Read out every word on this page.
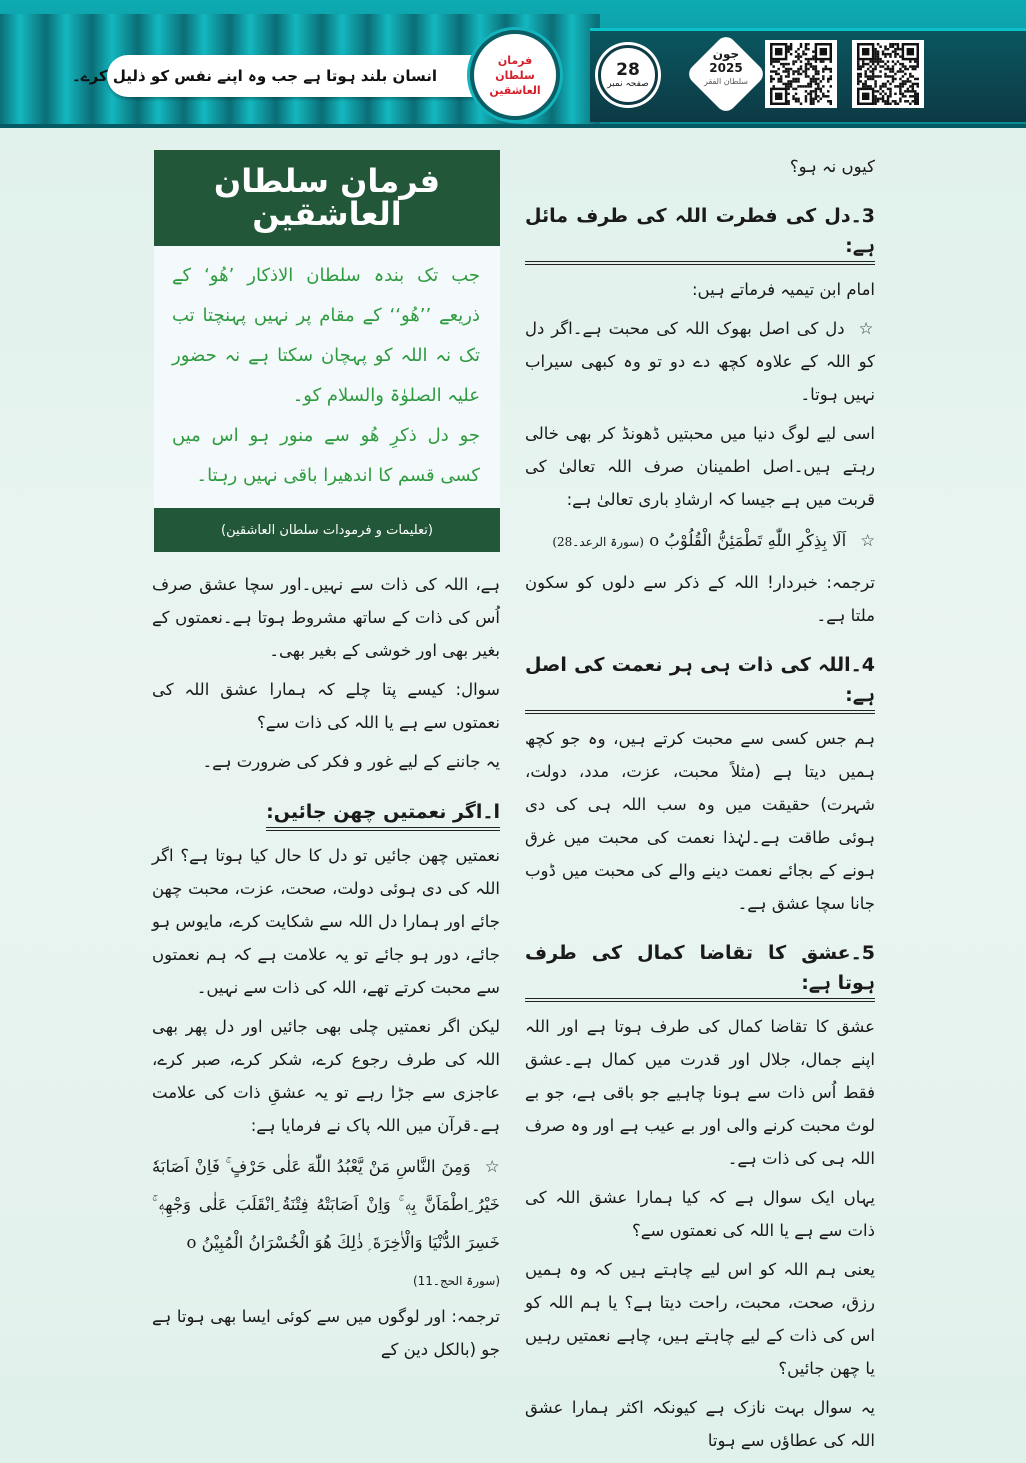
انسان بلند ہوتا ہے جب وہ اپنے نفس کو ذلیل کرے۔
فرمان
سلطان العاشقین
28
صفحہ نمبر
جون
2025
سلطان الفقر
کیوں نہ ہو؟
3۔دل کی فطرت اللہ کی طرف مائل ہے:
امام ابن تیمیہ فرماتے ہیں:
☆دل کی اصل بھوک اللہ کی محبت ہے۔اگر دل کو اللہ کے علاوہ کچھ دے دو تو وہ کبھی سیراب نہیں ہوتا۔
اسی لیے لوگ دنیا میں محبتیں ڈھونڈ کر بھی خالی رہتے ہیں۔اصل اطمینان صرف اللہ تعالیٰ کی قربت میں ہے جیسا کہ ارشادِ باری تعالیٰ ہے:
☆اَلَا بِذِكْرِ اللّٰهِ تَطْمَئِنُّ الْقُلُوْبُ o (سورۃ الرعد۔28)
ترجمہ: خبردار! اللہ کے ذکر سے دلوں کو سکون ملتا ہے۔
4۔اللہ کی ذات ہی ہر نعمت کی اصل ہے:
ہم جس کسی سے محبت کرتے ہیں، وہ جو کچھ ہمیں دیتا ہے (مثلاً محبت، عزت، مدد، دولت، شہرت) حقیقت میں وہ سب اللہ ہی کی دی ہوئی طاقت ہے۔لہٰذا نعمت کی محبت میں غرق ہونے کے بجائے نعمت دینے والے کی محبت میں ڈوب جانا سچا عشق ہے۔
5۔عشق کا تقاضا کمال کی طرف ہوتا ہے:
عشق کا تقاضا کمال کی طرف ہوتا ہے اور اللہ اپنے جمال، جلال اور قدرت میں کمال ہے۔عشق فقط اُس ذات سے ہونا چاہیے جو باقی ہے، جو بے لوث محبت کرنے والی اور بے عیب ہے اور وہ صرف اللہ ہی کی ذات ہے۔
یہاں ایک سوال ہے کہ کیا ہمارا عشق اللہ کی ذات سے ہے یا اللہ کی نعمتوں سے؟
یعنی ہم اللہ کو اس لیے چاہتے ہیں کہ وہ ہمیں رزق، صحت، محبت، راحت دیتا ہے؟ یا ہم اللہ کو اس کی ذات کے لیے چاہتے ہیں، چاہے نعمتیں رہیں یا چھن جائیں؟
یہ سوال بہت نازک ہے کیونکہ اکثر ہمارا عشق اللہ کی عطاؤں سے ہوتا
فرمان سلطان العاشقین
جب تک بندہ سلطان الاذکار ’ھُو‘ کے ذریعے ’’ھُو‘‘ کے مقام پر نہیں پہنچتا تب تک نہ اللہ کو پہچان سکتا ہے نہ حضور علیہ الصلوٰۃ والسلام کو۔
جو دل ذکرِ ھُو سے منور ہو اس میں کسی قسم کا اندھیرا باقی نہیں رہتا۔
(تعلیمات و فرمودات سلطان العاشقین)
ہے، اللہ کی ذات سے نہیں۔اور سچا عشق صرف اُس کی ذات کے ساتھ مشروط ہوتا ہے۔نعمتوں کے بغیر بھی اور خوشی کے بغیر بھی۔
سوال: کیسے پتا چلے کہ ہمارا عشق اللہ کی نعمتوں سے ہے یا اللہ کی ذات سے؟
یہ جاننے کے لیے غور و فکر کی ضرورت ہے۔
ا۔اگر نعمتیں چھن جائیں:
نعمتیں چھن جائیں تو دل کا حال کیا ہوتا ہے؟ اگر اللہ کی دی ہوئی دولت، صحت، عزت، محبت چھن جائے اور ہمارا دل اللہ سے شکایت کرے، مایوس ہو جائے، دور ہو جائے تو یہ علامت ہے کہ ہم نعمتوں سے محبت کرتے تھے، اللہ کی ذات سے نہیں۔
لیکن اگر نعمتیں چلی بھی جائیں اور دل پھر بھی اللہ کی طرف رجوع کرے، شکر کرے، صبر کرے، عاجزی سے جڑا رہے تو یہ عشقِ ذات کی علامت ہے۔قرآن میں اللہ پاک نے فرمایا ہے:
☆وَمِنَ النَّاسِ مَنْ يَّعْبُدُ اللّٰهَ عَلٰى حَرْفٍ ۚ فَاِنْ اَصَابَهٗ خَيْرُ ِاطْمَاَنَّ بِهٖ ۚ وَاِنْ اَصَابَتْهُ فِتْنَةُ ِانْقَلَبَ عَلٰى وَجْهِهٖ ۚ خَسِرَ الدُّنْيَا وَالْاٰخِرَةَ ۭ ذٰلِكَ هُوَ الْخُسْرَانُ الْمُبِيْنُ o
(سورۃ الحج۔11)
ترجمہ: اور لوگوں میں سے کوئی ایسا بھی ہوتا ہے جو (بالکل دین کے
